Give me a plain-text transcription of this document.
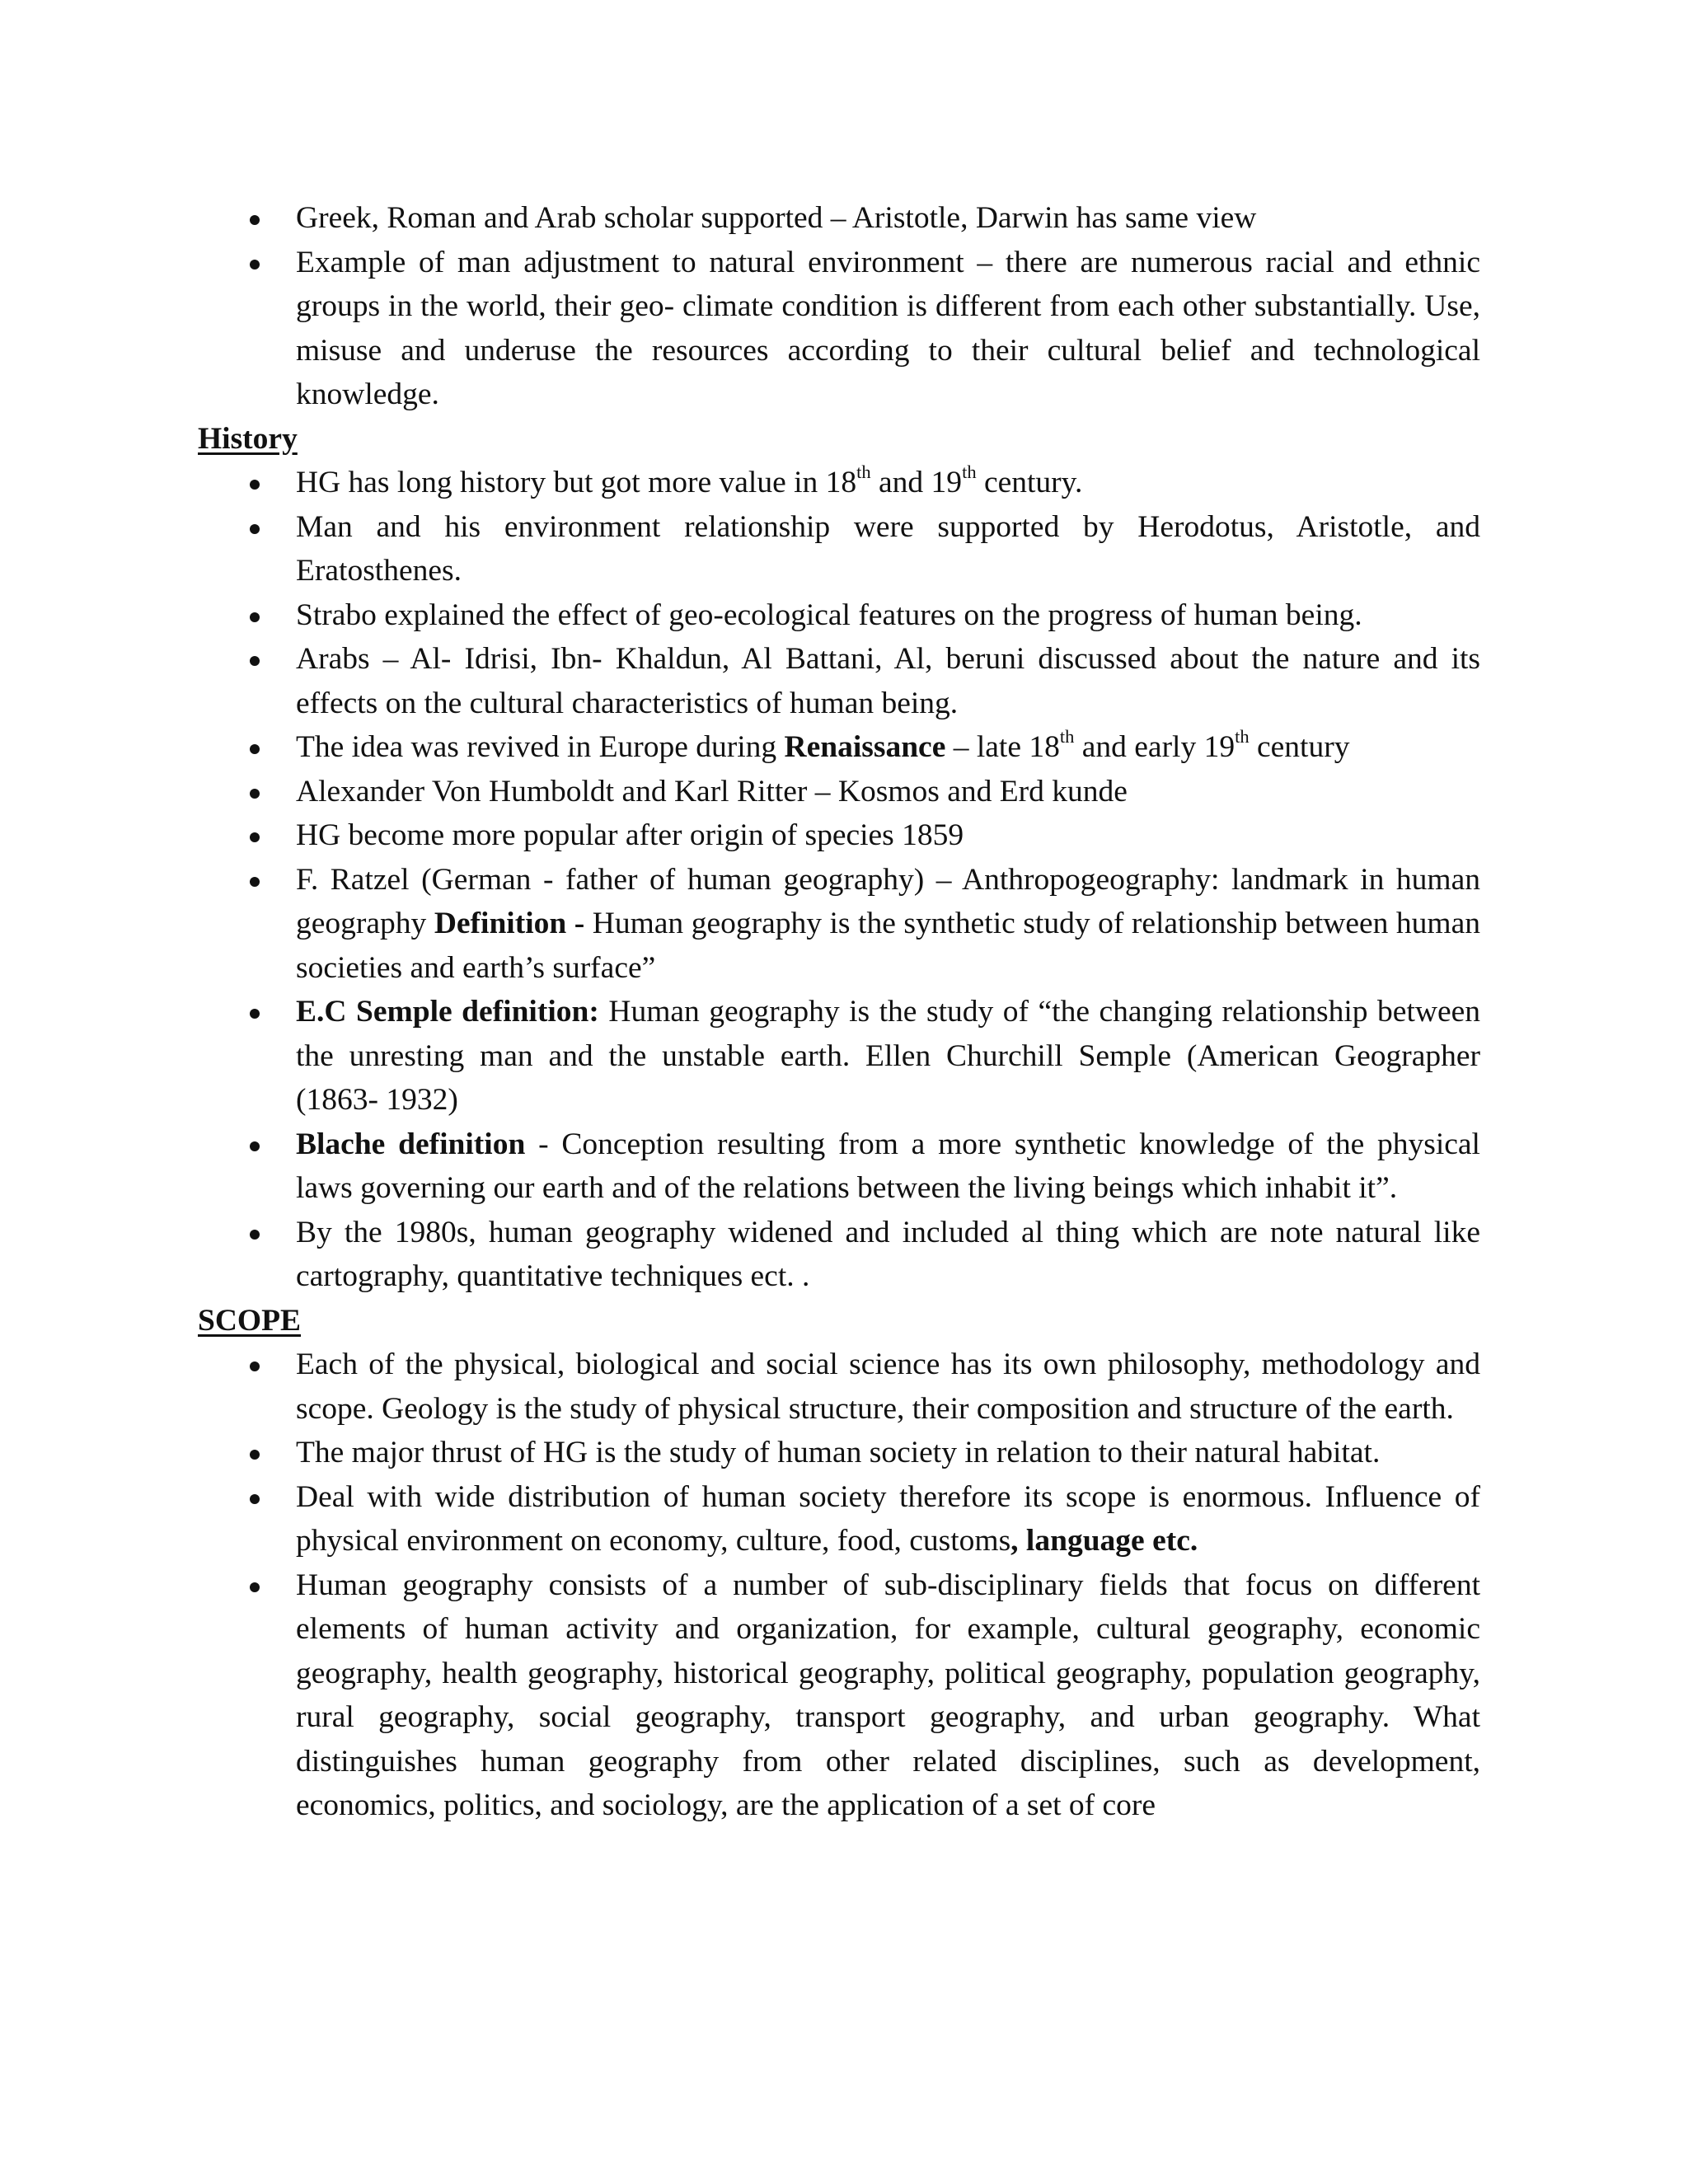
Greek, Roman and Arab scholar supported – Aristotle, Darwin has same view
Example of man adjustment to natural environment – there are numerous racial and ethnic groups in the world, their geo- climate condition is different from each other substantially. Use, misuse and underuse the resources according to their cultural belief and technological knowledge.
History
HG has long history but got more value in 18th and 19th century.
Man and his environment relationship were supported by Herodotus, Aristotle, and Eratosthenes.
Strabo explained the effect of geo-ecological features on the progress of human being.
Arabs – Al- Idrisi, Ibn- Khaldun, Al Battani, Al, beruni discussed about the nature and its effects on the cultural characteristics of human being.
The idea was revived in Europe during Renaissance – late 18th and early 19th century
Alexander Von Humboldt and Karl Ritter – Kosmos and Erd kunde
HG become more popular after origin of species 1859
F. Ratzel (German - father of human geography) – Anthropogeography: landmark in human geography Definition - Human geography is the synthetic study of relationship between human societies and earth’s surface”
E.C Semple definition: Human geography is the study of “the changing relationship between the unresting man and the unstable earth. Ellen Churchill Semple (American Geographer (1863- 1932)
Blache definition - Conception resulting from a more synthetic knowledge of the physical laws governing our earth and of the relations between the living beings which inhabit it”.
By the 1980s, human geography widened and included al thing which are note natural like cartography, quantitative techniques ect. .
SCOPE
Each of the physical, biological and social science has its own philosophy, methodology and scope. Geology is the study of physical structure, their composition and structure of the earth.
The major thrust of HG is the study of human society in relation to their natural habitat.
Deal with wide distribution of human society therefore its scope is enormous. Influence of physical environment on economy, culture, food, customs, language etc.
Human geography consists of a number of sub-disciplinary fields that focus on different elements of human activity and organization, for example, cultural geography, economic geography, health geography, historical geography, political geography, population geography, rural geography, social geography, transport geography, and urban geography. What distinguishes human geography from other related disciplines, such as development, economics, politics, and sociology, are the application of a set of core
